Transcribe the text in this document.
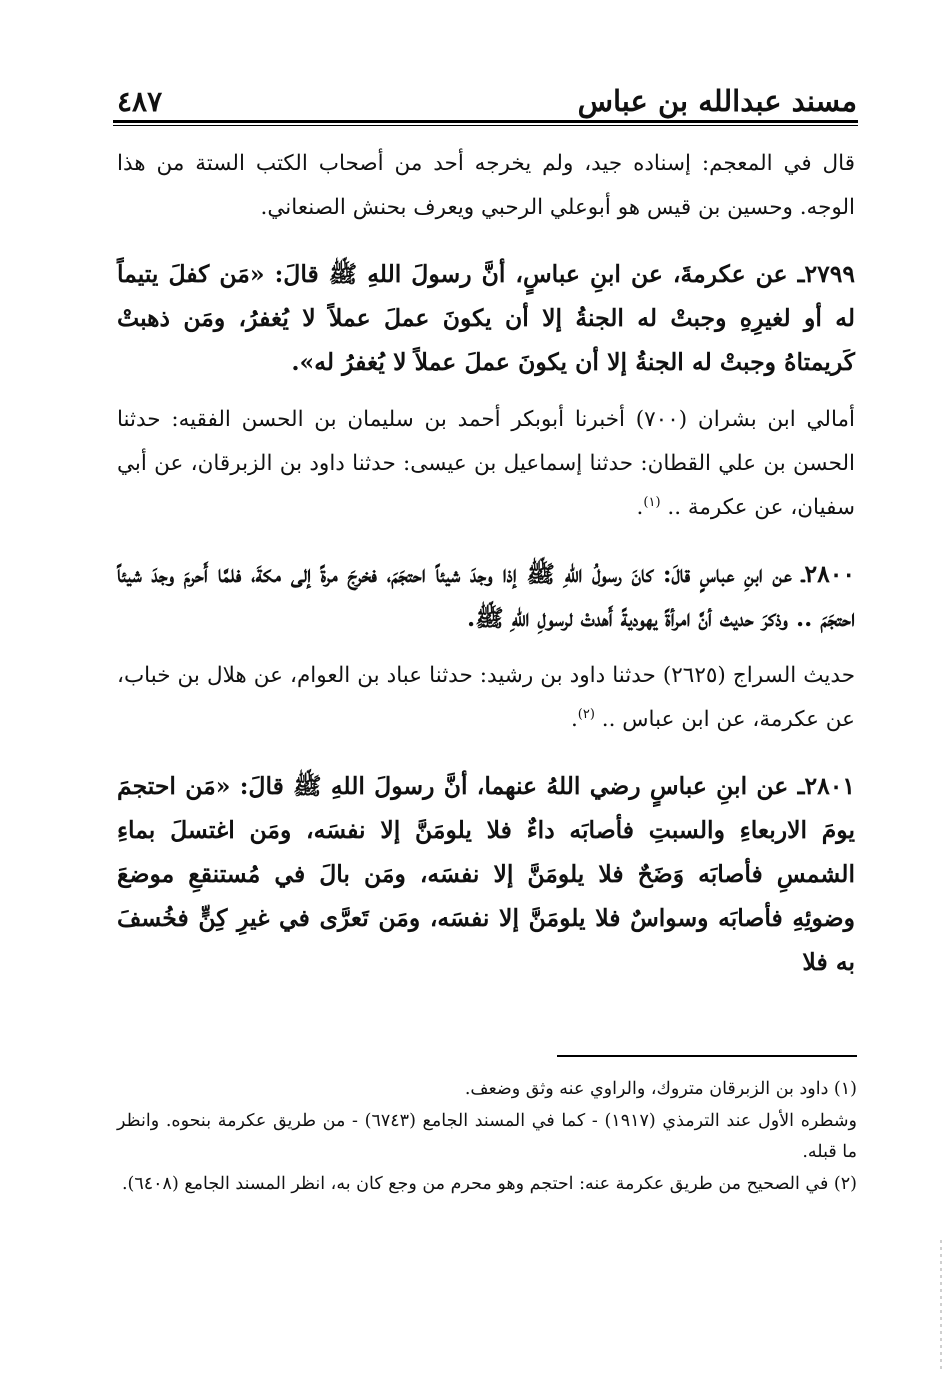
٤٨٧	مسند عبدالله بن عباس

قال في المعجم: إسناده جيد، ولم يخرجه أحد من أصحاب الكتب الستة من هذا الوجه. وحسين بن قيس هو أبوعلي الرحبي ويعرف بحنش الصنعاني.

٢٧٩٩ـ عن عكرمةَ، عن ابنِ عباسٍ، أنَّ رسولَ اللهِ ﷺ قالَ: «مَن كفلَ يتيماً له أو لغيرِهِ وجبتْ له الجنةُ إلا أن يكونَ عملَ عملاً لا يُغفرُ، ومَن ذهبتْ كَريمتاهُ وجبتْ له الجنةُ إلا أن يكونَ عملَ عملاً لا يُغفرُ له».

أمالي ابن بشران (٧٠٠) أخبرنا أبوبكر أحمد بن سليمان بن الحسن الفقيه: حدثنا الحسن بن علي القطان: حدثنا إسماعيل بن عيسى: حدثنا داود بن الزبرقان، عن أبي سفيان، عن عكرمة .. $^{(١)}$.

٢٨٠٠ـ عن ابنِ عباسٍ قالَ: كانَ رسولُ اللهِ ﷺ إذا وجدَ شيئاً احتجَمَ، فخرجَ مرةً إلى مكةَ، فلمَّا أَحرمَ وجدَ شيئاً احتجَمَ .. وذكرَ حديث أنَّ امرأةً يهوديةً أَهدتْ لرسولِ اللهِ ﷺ.

حديث السراج (٢٦٢٥) حدثنا داود بن رشيد: حدثنا عباد بن العوام، عن هلال بن خباب، عن عكرمة، عن ابن عباس .. $^{(٢)}$.

٢٨٠١ـ عن ابنِ عباسٍ رضي اللهُ عنهما، أنَّ رسولَ اللهِ ﷺ قالَ: «مَن احتجمَ يومَ الاربعاءِ والسبتِ فأصابَه داءٌ فلا يلومَنَّ إلا نفسَه، ومَن اغتسلَ بماءِ الشمسِ فأصابَه وَضَحٌ فلا يلومَنَّ إلا نفسَه، ومَن بالَ في مُستنقعِ موضعَ وضوئِهِ فأصابَه وسواسٌ فلا يلومَنَّ إلا نفسَه، ومَن تَعرَّى في غيرِ كِنٍّ فخُسفَ به فلا

(١) داود بن الزبرقان متروك، والراوي عنه وثق وضعف.

وشطره الأول عند الترمذي (١٩١٧) - كما في المسند الجامع (٦٧٤٣) - من طريق عكرمة بنحوه. وانظر ما قبله.

(٢) في الصحيح من طريق عكرمة عنه: احتجم وهو محرم من وجع كان به، انظر المسند الجامع (٦٤٠٨).
